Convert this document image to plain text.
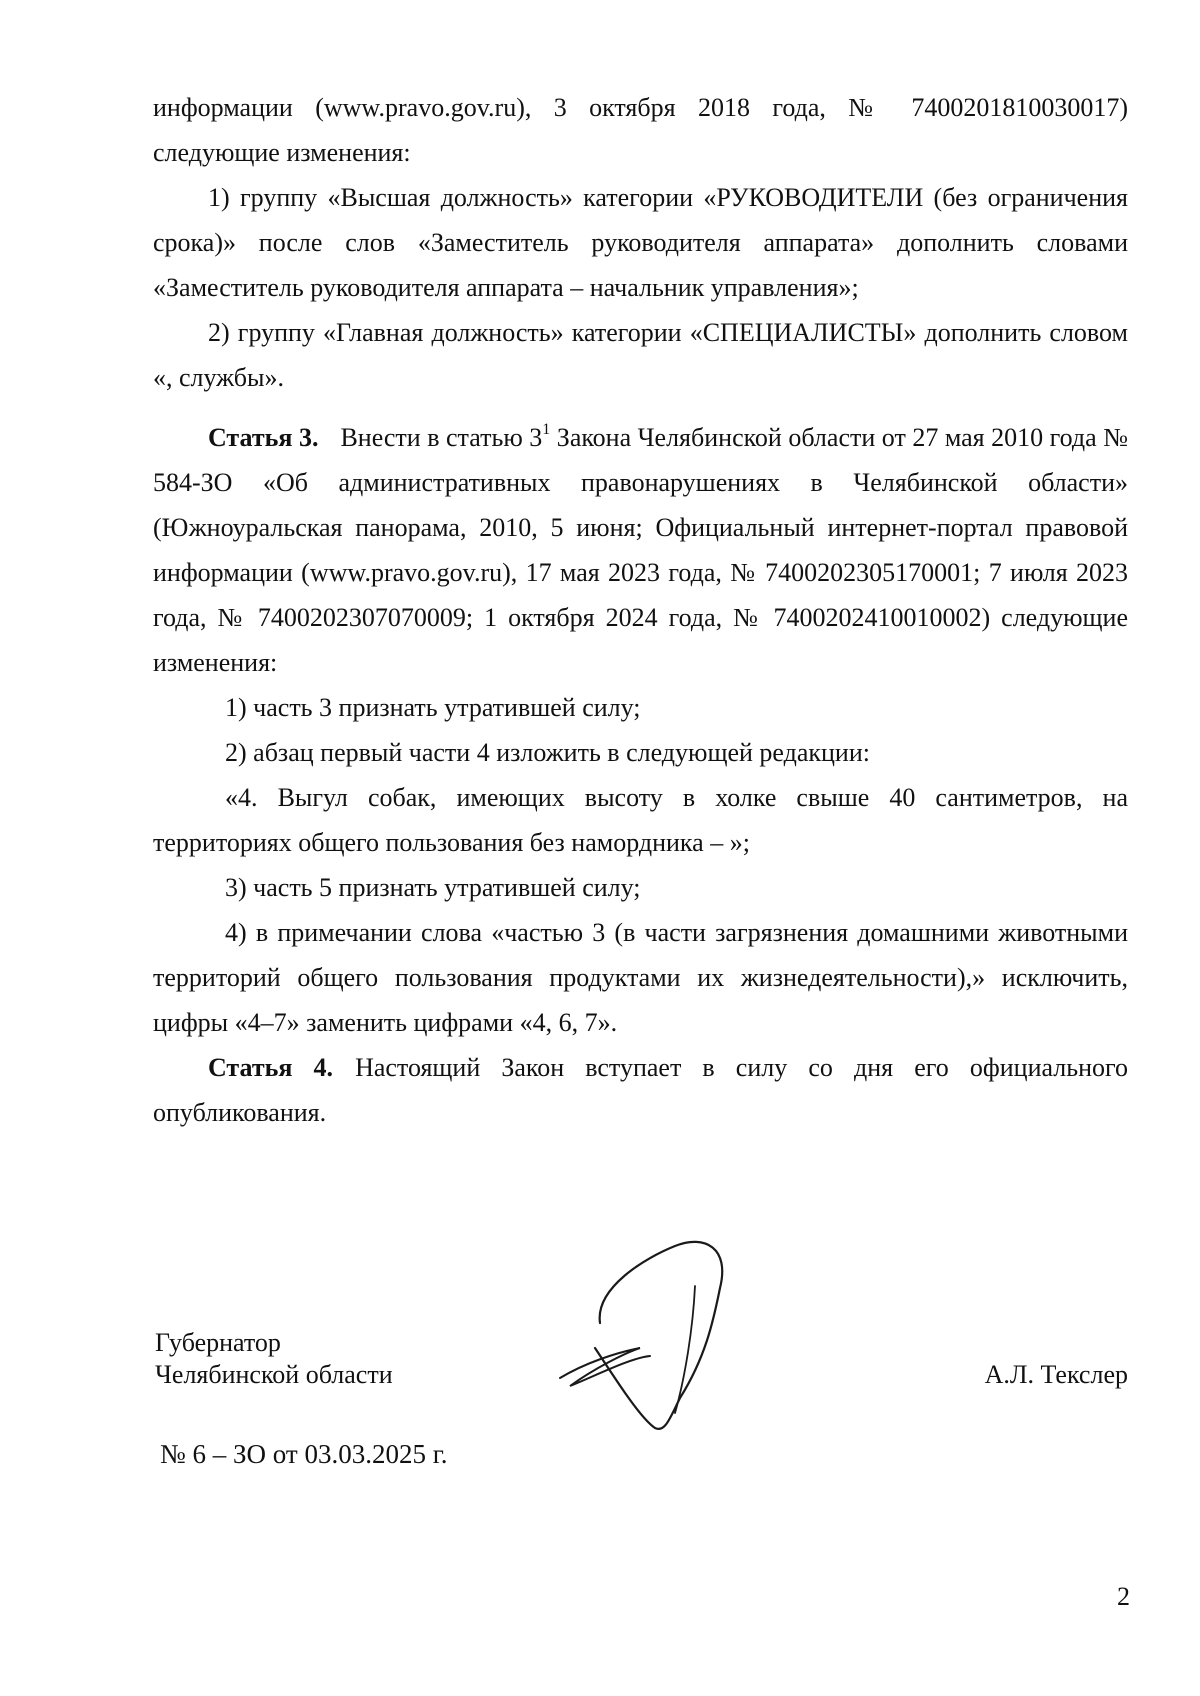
информации (www.pravo.gov.ru), 3 октября 2018 года, № 7400201810030017) следующие изменения:

1) группу «Высшая должность» категории «РУКОВОДИТЕЛИ (без ограничения срока)» после слов «Заместитель руководителя аппарата» дополнить словами «Заместитель руководителя аппарата – начальник управления»;

2) группу «Главная должность» категории «СПЕЦИАЛИСТЫ» дополнить словом «, службы».

Статья 3. Внести в статью $3^1$ Закона Челябинской области от 27 мая 2010 года № 584-ЗО «Об административных правонарушениях в Челябинской области» (Южноуральская панорама, 2010, 5 июня; Официальный интернет-портал правовой информации (www.pravo.gov.ru), 17 мая 2023 года, № 7400202305170001; 7 июля 2023 года, № 7400202307070009; 1 октября 2024 года, № 7400202410010002) следующие изменения:

1) часть 3 признать утратившей силу;

2) абзац первый части 4 изложить в следующей редакции:

«4. Выгул собак, имеющих высоту в холке свыше 40 сантиметров, на территориях общего пользования без намордника – »;

3) часть 5 признать утратившей силу;

4) в примечании слова «частью 3 (в части загрязнения домашними животными территорий общего пользования продуктами их жизнедеятельности),» исключить, цифры «4–7» заменить цифрами «4, 6, 7».

Статья 4. Настоящий Закон вступает в силу со дня его официального опубликования.

Губернатор
Челябинской области	А.Л. Текслер
№ 6 – ЗО от 03.03.2025 г.
2
